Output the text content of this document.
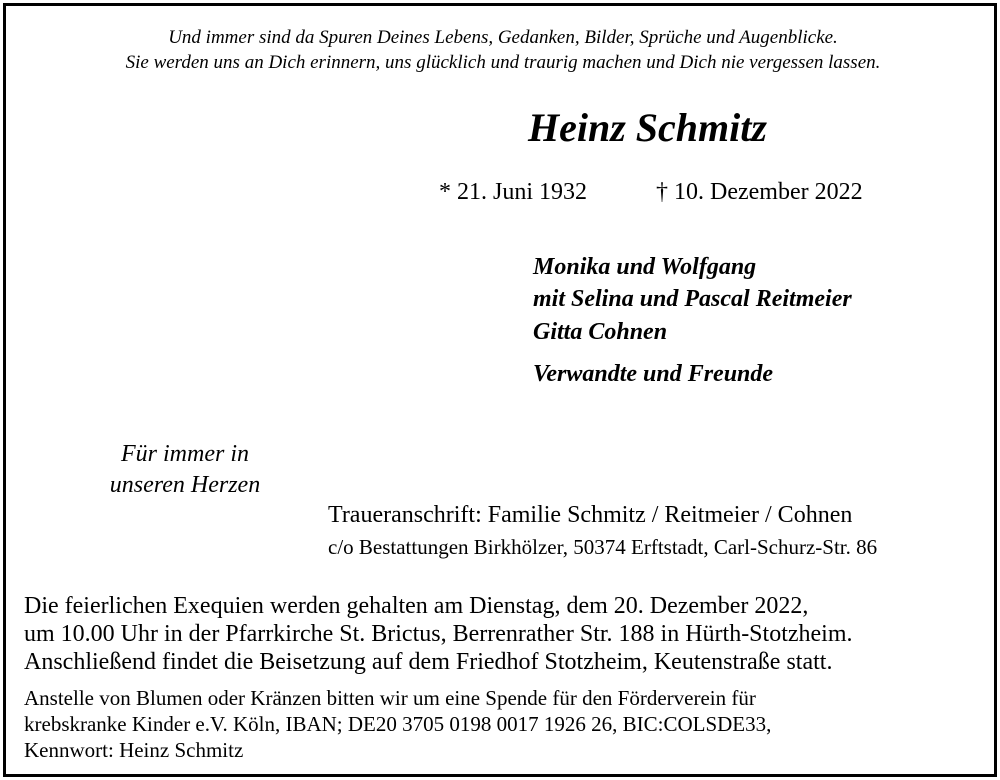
Und immer sind da Spuren Deines Lebens, Gedanken, Bilder, Sprüche und Augenblicke.
Sie werden uns an Dich erinnern, uns glücklich und traurig machen und Dich nie vergessen lassen.
Heinz Schmitz
* 21. Juni 1932	† 10. Dezember 2022
Monika und Wolfgang
mit Selina und Pascal Reitmeier
Gitta Cohnen
Verwandte und Freunde
Für immer in
unseren Herzen
Traueranschrift: Familie Schmitz / Reitmeier / Cohnen
c/o Bestattungen Birkhölzer, 50374 Erftstadt, Carl-Schurz-Str. 86
Die feierlichen Exequien werden gehalten am Dienstag, dem 20. Dezember 2022,
um 10.00 Uhr in der Pfarrkirche St. Brictus, Berrenrather Str. 188 in Hürth-Stotzheim.
Anschließend findet die Beisetzung auf dem Friedhof Stotzheim, Keutenstraße statt.
Anstelle von Blumen oder Kränzen bitten wir um eine Spende für den Förderverein für
krebskranke Kinder e.V. Köln, IBAN; DE20 3705 0198 0017 1926 26, BIC:COLSDE33,
Kennwort: Heinz Schmitz
